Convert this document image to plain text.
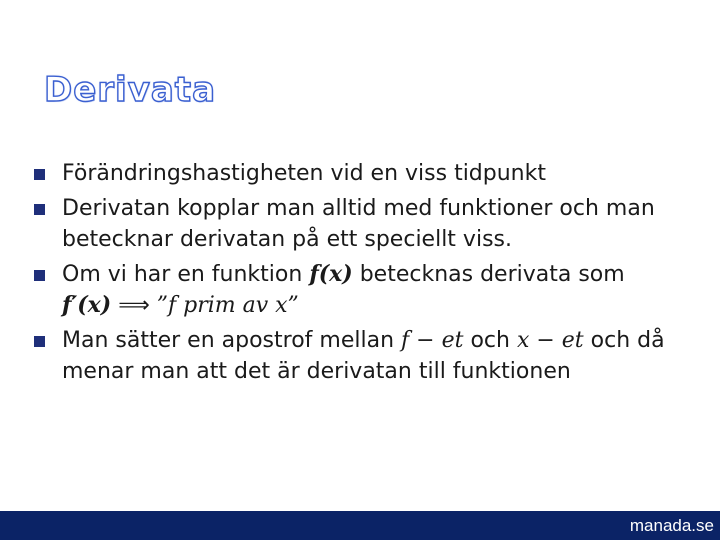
Derivata
Förändringshastigheten vid en viss tidpunkt
Derivatan kopplar man alltid med funktioner och man betecknar derivatan på ett speciellt viss.
Om vi har en funktion f(x) betecknas derivata som
f′(x) ⟹ ”f prim av x”
Man sätter en apostrof mellan f − et och x − et och då menar man att det är derivatan till funktionen
manada.se
